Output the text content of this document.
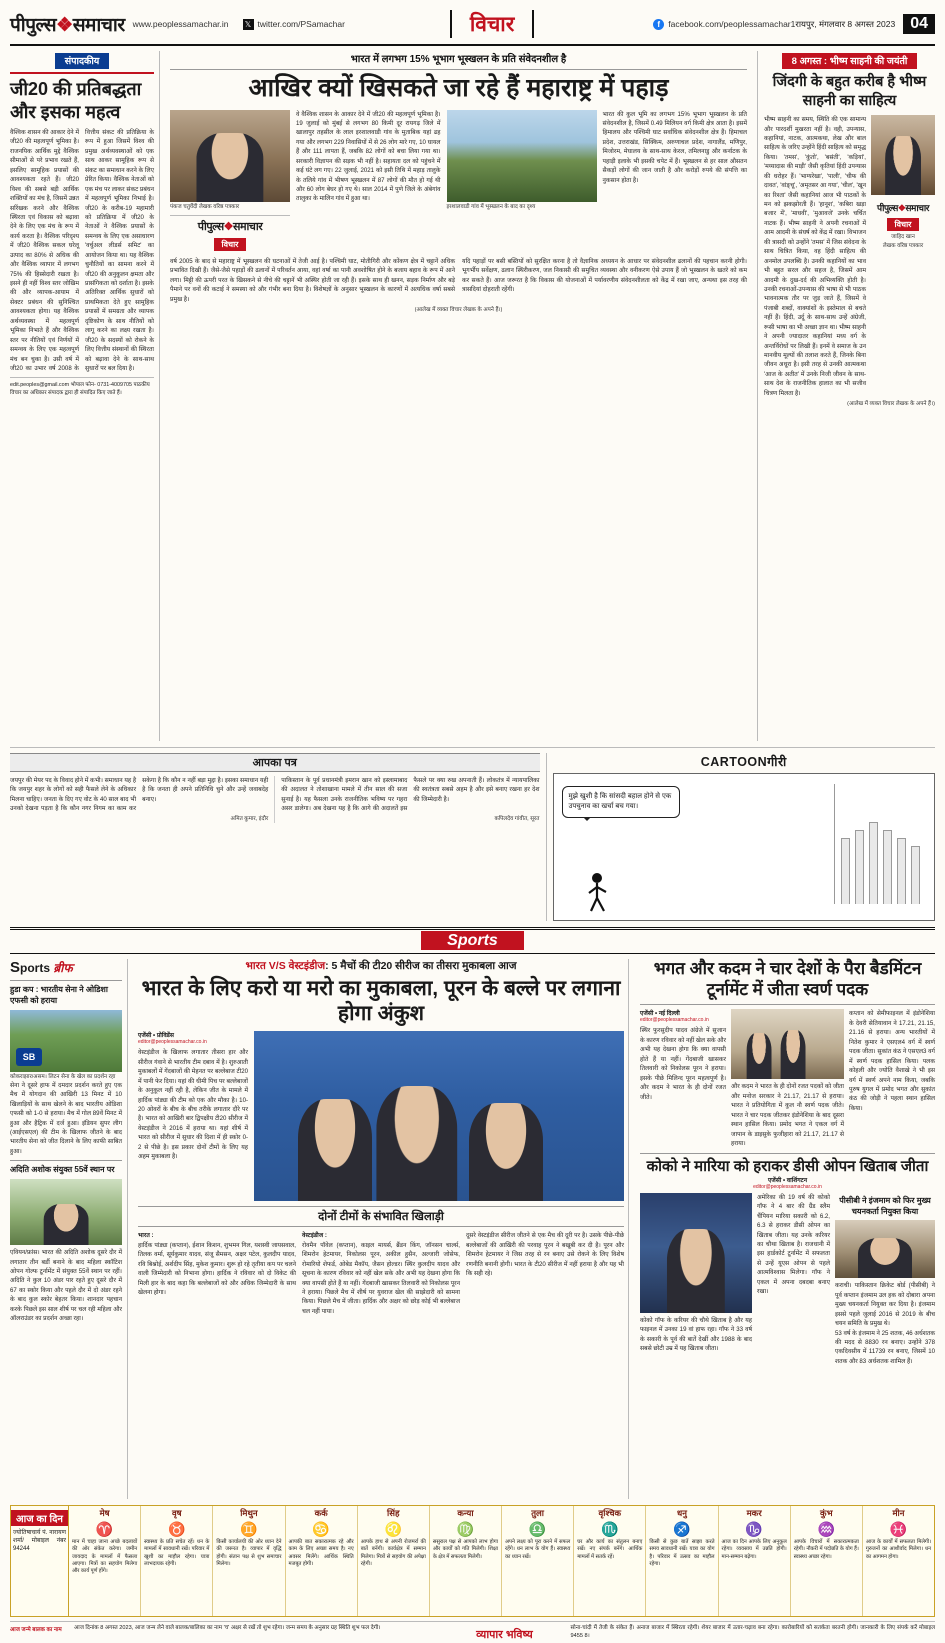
पीपुल्स❖समाचार www.peoplessamachar.in 𝕏 twitter.com/PSamachar	विचार	f facebook.com/peoplessamachar1 रायपुर, मंगलवार 8 अगस्त 2023 04
संपादकीय
जी20 की प्रतिबद्धता और इसका महत्व
वैश्विक शासन की आकार देने में जी20 की महत्वपूर्ण भूमिका है। राजनयिक आर्थिक मुद्दे वैश्विक सीमाओं से परे प्रभाव रखते हैं, इसलिए सामूहिक प्रयासों की आवश्यकता रहते हैं। जी20 विश्व की सबसे बड़ी आर्थिक शक्तियों का मंच है, जिसमें उन्नत सरिंखक करने और वैश्विक स्थिरता एवं विकास को बढ़ावा देने के लिए एक मंच के रूप में कार्य करता है। वैश्विक परिदृश्य में जी20 वैश्विक सकल घरेलू उत्पाद का 80% से अधिक की और वैश्विक व्यापार में लगभग 75% की हिस्सेदारी रखता है। इसने ही नहीं विश्व स्तर जोखिम की और व्यापक-आयाम में सेक्टर प्रबंधन की सुनिश्चित आवश्यकता होगा। यह वैश्विक अर्थव्यवस्था में महत्वपूर्ण भूमिका निभाते हैं और वैश्विक स्तर पर नीतियों एवं निर्णयों में समन्वय के लिए एक महत्वपूर्ण मंच बन चुका है। उसी वर्ष में जी20 का उभार वर्ष 2008 के वित्तीय संकट की प्रतिक्रिया के रूप में हुआ जिसमें विश्व की प्रमुख अर्थव्यवस्थाओं को एक साथ आकर सामूहिक रूप से संकट का समाधान करने के लिए प्रेरित किया। वैश्विक नेताओं को एक मंच पर लाकर संकट प्रबंधन में महत्वपूर्ण भूमिका निभाई है। जी20 के करीब-19 महामारी को प्रतिक्रिया में जी20 के नेताओं ने वैश्विक प्रयासों के समन्वय के लिए एक असाधारण 'वर्चुअल लीडर्स समिट' का आयोजन किया था। यह वैश्विक चुनौतियों का सामना करने में जी20 की अनुकूलन क्षमता और प्रासंगिकता को दर्शाता है। इसके अतिरिक्त आर्थिक सुधारों को प्राथमिकता देते हुए सामूहिक प्रयासों में समग्रता और व्यापक दृष्टिकोण के साथ नीतियों को लागू करने का लक्ष्य रखता है। जी20 के सदस्यों को रोकने के लिए वित्तीय संस्थानों की स्थिरता को बढ़ावा देने के साथ-साथ सुधारों पर बल दिया है।
edit.peoples@gmail.com भोपाल फोन- 0731-4009705 पाठकीय विचार का अधिकार संपादक द्वारा ही संपादित किए जाते हैं।
भारत में लगभग 15% भूभाग भूस्खलन के प्रति संवेदनशील है
आखिर क्यों खिसकते जा रहे हैं महाराष्ट्र में पहाड़
पंकज चतुर्वेदी लेखक वरिष्ठ पत्रकार
पीपुल्स❖समाचार
विचार
वे वैश्विक शासन के आकार देने में जी20 की महत्वपूर्ण भूमिका है। 19 जुलाई को मुंबई से लगभग 80 किमी दूर रायगढ़ जिले में खालापुर तहसील के लाल इरशालवाडी गांव के मुताबिक यहां ढह गया और लगभग 229 निवासियों में से 26 लोग मारे गए, 10 घायल हैं और 111 लापता हैं, जबकि 82 लोगों को बचा लिया गया था। सरकारी विज्ञापन की सड़क भी नहीं है। सहायता दल को पहुंचने में कई घंटे लग गए। 22 जुलाई, 2021 को इसी तिथि में महाड़ तालुके के तलिये गांव में भीषण भूस्खलन में 87 लोगों की मौत हो गई थी और 60 लोग बेघर हो गए थे। साल 2014 में पुणे जिले के अंबेगांव तालुका के मालिन गांव में हुआ था।
इरशालवाडी गांव में भूस्खलन के बाद का दृश्य
भारत की कुल भूमि का लगभग 15% भूभाग भूस्खलन के प्रति संवेदनशील है, जिसमें 0.49 मिलियन वर्ग किमी क्षेत्र आता है। इसमें हिमालय और पश्चिमी घाट सर्वाधिक संवेदनशील क्षेत्र हैं। हिमाचल प्रदेश, उत्तराखंड, सिक्किम, अरुणाचल प्रदेश, नागालैंड, मणिपुर, मिजोरम, मेघालय के साथ-साथ केरल, तमिलनाडु और कर्नाटक के पहाड़ी इलाके भी इसकी चपेट में हैं। भूस्खलन से हर साल औसतन सैकड़ों लोगों की जान जाती है और करोड़ों रुपये की संपत्ति का नुकसान होता है।
वर्ष 2005 के बाद से महाराष्ट्र में भूस्खलन की घटनाओं में तेजी आई है। पश्चिमी घाट, मोतीगिरी और कोंकण क्षेत्र में चट्टानें अधिक प्रभावित दिखी हैं। जैसे-जैसे पहाड़ों की ढलानों में परिवर्तन आया, वहां वर्षा का पानी अवशोषित होने के बजाय बहाव के रूप में आने लगा। मिट्टी की ऊपरी परत के खिसकने से नीचे की चट्टानें भी अस्थिर होती जा रही हैं। इसके साथ ही खनन, सड़क निर्माण और बड़े पैमाने पर वनों की कटाई ने समस्या को और गंभीर बना दिया है। विशेषज्ञों के अनुसार भूस्खलन के कारणों में अत्यधिक वर्षा सबसे प्रमुख है।
यदि पहाड़ों पर बसी बस्तियों को सुरक्षित करना है तो वैज्ञानिक अध्ययन के आधार पर संवेदनशील ढलानों की पहचान करनी होगी। भूगर्भीय सर्वेक्षण, ढलान स्थिरीकरण, जल निकासी की समुचित व्यवस्था और वनीकरण ऐसे उपाय हैं जो भूस्खलन के खतरे को कम कर सकते हैं। आज जरूरत है कि विकास की योजनाओं में पर्यावरणीय संवेदनशीलता को केंद्र में रखा जाए, अन्यथा इस तरह की त्रासदियां दोहराती रहेंगी।
(आलेख में व्यक्त विचार लेखक के अपने हैं।)
8 अगस्त : भीष्म साहनी की जयंती
जिंदगी के बहुत करीब है भीष्म साहनी का साहित्य
भीष्म साहनी का समय, स्थिति की एक सामान्य और पारदर्शी मुखरता नहीं है। वही, उपन्यास, कहानियां, नाटक, आत्मकथा, लेख और बाल साहित्य के जरिए उन्होंने हिंदी साहित्य को समृद्ध किया। 'तमस', 'कुंतो', 'बसंती', 'कड़ियां', 'मय्यादास की माड़ी' जैसी कृतियां हिंदी उपन्यास की धरोहर हैं। 'भाग्यरेखा', 'पाली', 'चीफ की दावत', 'वांङ्चू', 'अमृतसर आ गया', 'चील', 'खून का रिश्ता' जैसी कहानियां आज भी पाठकों के मन को झकझोरती हैं। 'हानूश', 'कबिरा खड़ा बजार में', 'माधवी', 'मुआवजे' उनके चर्चित नाटक हैं। भीष्म साहनी ने अपनी रचनाओं में आम आदमी के संघर्ष को केंद्र में रखा। विभाजन की त्रासदी को उन्होंने 'तमस' में जिस संवेदना के साथ चित्रित किया, वह हिंदी साहित्य की अनमोल उपलब्धि है। उनकी कहानियों का भाव भी बहुत सरल और सहज है, जिसमें आम आदमी के दुख-दर्द की अभिव्यक्ति होती है। उनकी रचनाओं-उपन्यास की भाषा से भी पाठक भावनात्मक तौर पर जुड़ जाते हैं, जिसमें वे पंजाबी शब्दों, वाक्यांशों के इस्तेमाल से बचते नहीं हैं। हिंदी, उर्दू के साथ-साथ उन्हें अंग्रेजी, रूसी भाषा का भी अच्छा ज्ञान था। भीष्म साहनी ने अपनी ज्यादातर कहानियां मध्य वर्ग के अन्तर्विरोधों पर लिखी हैं। इनमें वे समाज के उन मानवीय मूल्यों की तलाश करते हैं, जिनके बिना जीवन अधूरा है। इसी तरह से उनकी आत्मकथा 'आज के अतीत' में उनके निजी जीवन के साथ-साथ देश के राजनीतिक हालात का भी सजीव चित्रण मिलता है।
पीपुल्स❖समाचार
विचार
जाहिद खान
लेखक वरिष्ठ पत्रकार
(आलेख में व्यक्त विचार लेखक के अपने हैं।)
आपका पत्र
जयपुर की मेयर पद के विवाद होने में कभी। समाधान यह है कि जयपुर शहर के लोगों को सही फैसले लेने के अधिकार मिलना चाहिए। जनता के दिए गए वोट के 40 साल बाद भी उनको देखना पड़ता है कि कौन नगर निगम का काम कर सकेगा है कि कौन न नहीं बड़ा मुद्दा है। इसका समाधान यही है कि जनता ही अपने प्रतिनिधि चुने और उन्हें जवाबदेह बनाए।
अमित कुमार, इंदौर
पाकिस्तान के पूर्व प्रधानमंत्री इमरान खान को इस्लामाबाद की अदालत ने तोशाखाना मामले में तीन साल की सजा सुनाई है। यह फैसला उनके राजनीतिक भविष्य पर गहरा असर डालेगा। अब देखना यह है कि आगे की अदालतें इस फैसले पर क्या रुख अपनाती हैं। लोकतंत्र में न्यायपालिका की स्वतंत्रता सबसे अहम है और इसे बनाए रखना हर देश की जिम्मेदारी है।
कपिलदेव गांवीत, सूरत
CARTOONगीरी
मुझे खुशी है कि सांसदी बहाल होने से एक उपचुनाव का खर्चा बच गया।
Sports
Sports ब्रीफ
हुडा कप : भारतीय सेना ने ओडिशा एफसी को हराया
SB
कोकराझार/असम। लिटन सेना के खेल का प्रदर्शन रहा
सेना ने दूसरे हाफ में दमदार प्रदर्शन करते हुए एक मैच में योगदान की आखिरी 13 मिनट में 10 खिलाड़ियों के साथ खेलने के बाद भारतीय ओडिशा एफसी को 1-0 से हराया। मैच में गोल 89वें मिनट में हुआ और हैट्रिक में दर्ज हुआ। इंडियन सुपर लीग (आईएसएल) की टीम के खिलाफ जीतने के बाद भारतीय सेना को जीत दिलाने के लिए काफी साबित हुआ।
अदिति अशोक संयुक्त 55वें स्थान पर
एवियन/फ्रांस। भारत की अदिति अशोक दूसरे दौर में लगातार तीन बर्डी बनाने के बाद महिला स्कॉटिश ओपन गोल्फ टूर्नामेंट में संयुक्त 55वें स्थान पर रहीं। अदिति ने कुल 10 अंडर पार रहते हुए दूसरे दौर में 67 का स्कोर किया और पहले दौर में दो अंडर रहने के बाद कुल स्कोर बेहतर किया। शानदार पहचान करके पिछले इस साल शीर्ष पर चल रही महिला और ऑलराउंडर का प्रदर्शन अच्छा रहा।
भारत V/S वेस्टइंडीज: 5 मैचों की टी20 सीरीज का तीसरा मुकाबला आज
भारत के लिए करो या मरो का मुकाबला, पूरन के बल्ले पर लगाना होगा अंकुश
एजेंसी • प्रोविडेंस
editor@peoplessamachar.co.in
वेस्टइंडीज के खिलाफ लगातार तीसरा हार और सीरीज गंवाने से भारतीय टीम दबाव में है। शुरुआती मुकाबलों में गेंदबाजों की मेहनत पर बल्लेबाज टी20 में पानी फेर दिया। यहां की धीमी पिच पर बल्लेबाजों के अनुकूल नहीं रही है, लेकिन जीत के मामले में हार्दिक पांड्या की टीम को एक और मौका है। 10-20 ओवरों के बीच के बीच तरीके लगातार दौरे पर है। भारत को आखिरी बार द्विपक्षीय टी20 सीरीज में वेस्टइंडीज ने 2016 में हराया था। यहां शीर्ष में भारत को सीरीज में सुधार की दिशा में ही स्कोर 0-2 से पीछे है। इस प्रकार दोनों टीमों के लिए यह अहम मुकाबला है।
दोनों टीमों के संभावित खिलाड़ी
भारत :
हार्दिक पांड्या (कप्तान), ईशान किशन, शुभमन गिल, यशस्वी जायसवाल, तिलक वर्मा, सूर्यकुमार यादव, संजू सैमसन, अक्षर पटेल, कुलदीप यादव, रवि बिश्नोई, अर्शदीप सिंह, मुकेश कुमार। शुरू हो रहे तृतीया कप पर चलने वाली जिम्मेदारी को निभाना होगा। हार्दिक ने रविवार को दो विकेट की मिली हार के बाद कहा कि बल्लेबाजों को और अधिक जिम्मेदारी के साथ खेलना होगा।
वेस्टइंडीज :
रोवमैन पॉवेल (कप्तान), काइल मायर्स, ब्रैंडन किंग, जॉनसन चार्ल्स, शिमरोन हेटमायर, निकोलस पूरन, अकील हुसैन, अल्जारी जोसेफ, रोमारियो शेफर्ड, ओबेड मैकॉय, जैसन होल्डर। स्थिर कुलदीप यादव और सूचना के कारण रविवार को नहीं खेल सके और अभी यह देखना होगा कि क्या वापसी होते हैं या नहीं। गेंदबाजी खासकर तिलवारी को निकोलस पूरन ने हराया। पिछले मैच में शीर्ष पर युवराज खेल की साझेदारी को सामना किया। पिछले मैच में जीता। हार्दिक और अक्षर को छोड़ कोई भी बल्लेबाज चल नहीं पाया।
दूसरे वेस्टइंडीज सीरीज जीतने से एक मैच की दूरी पर है। उसके पीछे-पीछे बल्लेबाजों की आखिरी की परवाह पूरन ने बखूबी कर दी है। पूरन और शिमरोन हेटमायर ने जिस तरह से रन बनाए उसे रोकने के लिए विशेष रणनीति बनानी होगी। भारत के टी20 सीरीज में नहीं हराया है और यह भी कि सही रहे।
भगत और कदम ने चार देशों के पैरा बैडमिंटन टूर्नामेंट में जीता स्वर्ण पदक
एजेंसी • नई दिल्ली
editor@peoplessamachar.co.in
स्थिर फुरसुदीप यादव अंग्रेजे में सुजान के कारण रविवार को नहीं खेल सके और अभी यह देखना होगा कि क्या वापसी होते हैं या नहीं। गेंदबाजी खासकर तिलवारी को निकोलस पूरन ने हराया। इसके पीछे मिलिन्द पूरन महत्वपूर्ण है। और कदम ने भारत के ही दोनों रजत जीते।
और कदम ने भारत के ही दोनों रजत पदकों को जीता और मनोज सरकार ने 21.17, 21.17 से हराया। भारत ने प्रतियोगिता में कुल नौ स्वर्ण पदक जीते। भारत ने चार पदक जीतकर इंडोनेशिया के बाद दूसरा स्थान हासिल किया। प्रमोद भगत ने एकल वर्ग में जापान के डाइसुके फुजीहारा को 21.17, 21.17 से हराया।
कप्तान को सेमीफाइनल में इंडोनेशिया के देवरी सेतियावान ने 17.21, 21.15, 21.16 से हराया। अन्य भारतीयों में नितेश कुमार ने एसएल4 वर्ग में स्वर्ण पदक जीता। सुकांत कंठ ने एसएल3 वर्ग में स्वर्ण पदक हासिल किया। पलक कोहली और ज्योति वैशाखे ने भी इस वर्ग में स्वर्ण अपने नाम किया, जबकि पुरुष युगल में प्रमोद भगत और सुकांत कंठ की जोड़ी ने पहला स्थान हासिल किया।
कोको ने मारिया को हराकर डीसी ओपन खिताब जीता
एजेंसी • वाशिंगटन
editor@peoplessamachar.co.in
कोको गॉफ के करियर की चौथे खिताब है और यह फाइनल में उनका 19 वां हाफ रहा। गॉफ ने 33 वर्ष के सकारी के पूर्व की बातें देखीं और 1988 के बाद सबसे छोटी उम्र में यह खिताब जीता।
अमेरिका की 19 वर्ष की कोको गॉफ ने 4 बार की ग्रैंड स्लैम चैंपियन मारिया सकारी को 6.2, 6.3 से हराकर डीसी ओपन का खिताब जीता। यह उनके करियर का चौथा खिताब है। राजधानी में इस हार्डकोर्ट टूर्नामेंट में सफलता से उन्हें यूएस ओपन से पहले आत्मविश्वास मिलेगा। गॉफ ने एकल में अपना दबदबा बनाए रखा।
पीसीबी ने इंजमाम को फिर मुख्य चयनकर्ता नियुक्त किया
कराची। पाकिस्तान क्रिकेट बोर्ड (पीसीबी) ने पूर्व कप्तान इंजमाम उल हक को दोबारा अपना मुख्य चयनकर्ता नियुक्त कर दिया है। इंजमाम इससे पहले जुलाई 2016 से 2019 के बीच चयन समिति के प्रमुख थे।
53 वर्ष के इंजमाम ने 25 शतक, 46 अर्धशतक की मदद से 8830 रन बनाए। उन्होंने 378 एकदिवसीय में 11739 रन बनाए, जिसमें 10 शतक और 83 अर्धशतक शामिल हैं।
आज का दिन
ज्योतिषाचार्य पं. नारायण शर्मा/ मोबाइल नंबर 94244
मेष
♈

मान में चाहा जाना अच्छे बदलावों की ओर संकेत करेगा। जमीन जायदाद के मामलों में फैसला आएगा। मित्रों का सहयोग मिलेगा और कार्य पूर्ण होंगे।

वृष
♉

स्वास्थ्य के प्रति सचेत रहें। धन के मामलों में सावधानी रखें। परिवार में खुशी का माहौल रहेगा। यात्रा लाभदायक रहेगी।

मिथुन
♊

किसी कार्यालयी की ओर ध्यान देने की जरूरत है। व्यापार में वृद्धि होगी। संतान पक्ष से शुभ समाचार मिलेगा।

कर्क
♋

आपकी बात सकारात्मक रहे और काम के लिए अच्छा समय है। नए अवसर मिलेंगे। आर्थिक स्थिति मजबूत होगी।

सिंह
♌

आपके हाथ से अपनी रोजमर्रा की बातें बनेंगी। कार्यक्षेत्र में सम्मान मिलेगा। मित्रों से सहयोग की अपेक्षा रहेगी।

कन्या
♍

ससुराल पक्ष से आपको लाभ होगा और कार्यों को गति मिलेगी। शिक्षा के क्षेत्र में सफलता मिलेगी।

तुला
♎

अपने लक्ष्य को पूरा करने में सफल रहेंगे। धन लाभ के योग हैं। स्वास्थ्य का ध्यान रखें।

वृश्चिक
♏

घर और कार्य का संतुलन बनाए रखें। नए संपर्क बनेंगे। आर्थिक मामलों में सतर्क रहें।

धनु
♐

किसी से कुछ बातें साझा करते समय सावधानी रखें। यात्रा का योग है। परिवार में उत्सव का माहौल रहेगा।

मकर
♑

आज का दिन आपके लिए अनुकूल रहेगा। व्यवसाय में उन्नति होगी। मान-सम्मान बढ़ेगा।

कुंभ
♒

आपके विचारों में सकारात्मकता रहेगी। नौकरी में पदोन्नति के योग हैं। स्वास्थ्य अच्छा रहेगा।

मीन
♓

आज के कार्यों में सफलता मिलेगी। गुरुजनों का आशीर्वाद मिलेगा। धन का आगमन होगा।

आज जन्मे बालक का नाम	आज दिनांक 8 अगस्त 2023, आज जन्म लेने वाले बालक/बालिका का नाम 'च' अक्षर से रखें तो शुभ रहेगा। जन्म समय के अनुसार ग्रह स्थिति शुभ फल देगी।
व्यापार भविष्य
सोना-चांदी में तेजी के संकेत हैं। अनाज बाजार में स्थिरता रहेगी। शेयर बाजार में उतार-चढ़ाव बना रहेगा। कारोबारियों को सतर्कता बरतनी होगी। जानकारी के लिए संपर्क करें मोबाइल 9455 8।
